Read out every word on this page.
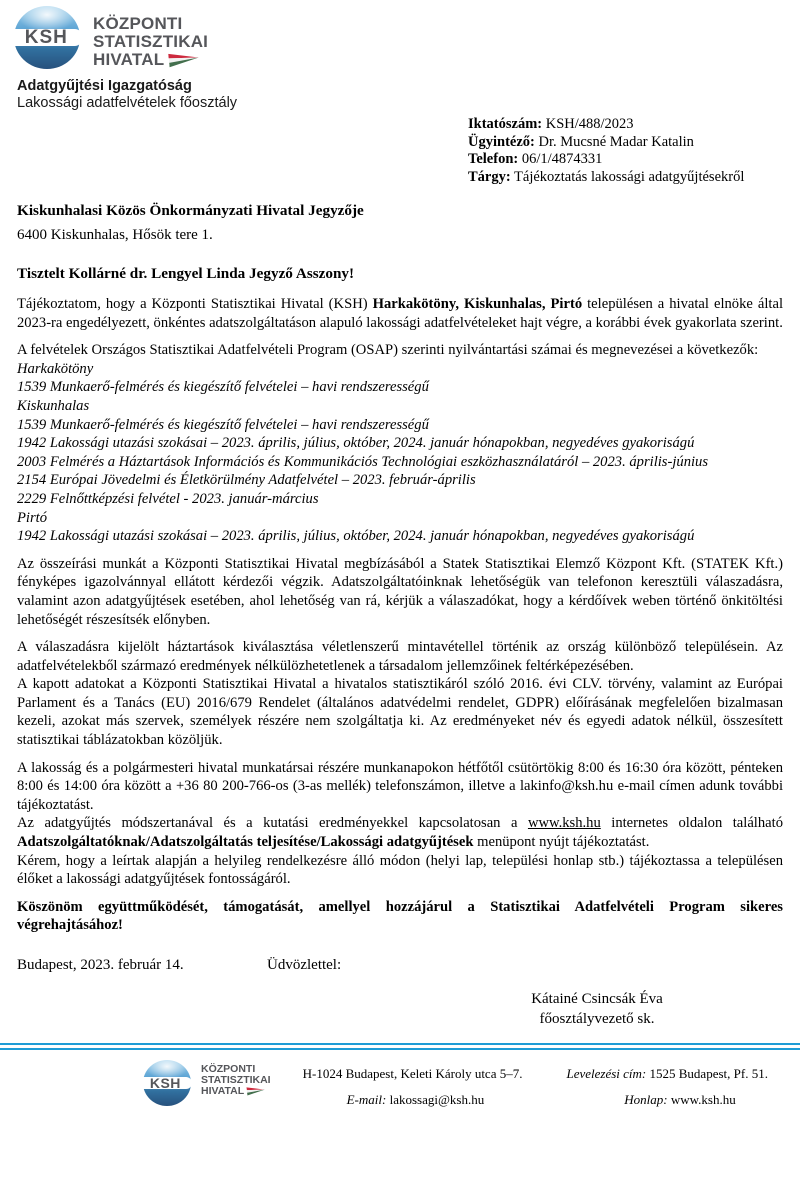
KSH
KÖZPONTI
STATISZTIKAI
HIVATAL
Adatgyűjtési Igazgatóság
Lakossági adatfelvételek főosztály
Iktatószám: KSH/488/2023
Ügyintéző: Dr. Mucsné Madar Katalin
Telefon: 06/1/4874331
Tárgy: Tájékoztatás lakossági adatgyűjtésekről
Kiskunhalasi Közös Önkormányzati Hivatal Jegyzője
6400 Kiskunhalas, Hősök tere 1.
Tisztelt Kollárné dr. Lengyel Linda Jegyző Asszony!
Tájékoztatom, hogy a Központi Statisztikai Hivatal (KSH) Harkakötöny, Kiskunhalas, Pirtó településen a hivatal elnöke által 2023-ra engedélyezett, önkéntes adatszolgáltatáson alapuló lakossági adatfelvételeket hajt végre, a korábbi évek gyakorlata szerint.
A felvételek Országos Statisztikai Adatfelvételi Program (OSAP) szerinti nyilvántartási számai és megnevezései a következők:
Harkakötöny
1539 Munkaerő-felmérés és kiegészítő felvételei – havi rendszerességű
Kiskunhalas
1539 Munkaerő-felmérés és kiegészítő felvételei – havi rendszerességű
1942 Lakossági utazási szokásai – 2023. április, július, október, 2024. január hónapokban, negyedéves gyakoriságú
2003 Felmérés a Háztartások Információs és Kommunikációs Technológiai eszközhasználatáról – 2023. április-június
2154 Európai Jövedelmi és Életkörülmény Adatfelvétel – 2023. február-április
2229 Felnőttképzési felvétel - 2023. január-március
Pirtó
1942 Lakossági utazási szokásai – 2023. április, július, október, 2024. január hónapokban, negyedéves gyakoriságú
Az összeírási munkát a Központi Statisztikai Hivatal megbízásából a Statek Statisztikai Elemző Központ Kft. (STATEK Kft.) fényképes igazolvánnyal ellátott kérdezői végzik. Adatszolgáltatóinknak lehetőségük van telefonon keresztüli válaszadásra, valamint azon adatgyűjtések esetében, ahol lehetőség van rá, kérjük a válaszadókat, hogy a kérdőívek weben történő önkitöltési lehetőségét részesítsék előnyben.
A válaszadásra kijelölt háztartások kiválasztása véletlenszerű mintavétellel történik az ország különböző településein. Az adatfelvételekből származó eredmények nélkülözhetetlenek a társadalom jellemzőinek feltérképezésében.
A kapott adatokat a Központi Statisztikai Hivatal a hivatalos statisztikáról szóló 2016. évi CLV. törvény, valamint az Európai Parlament és a Tanács (EU) 2016/679 Rendelet (általános adatvédelmi rendelet, GDPR) előírásának megfelelően bizalmasan kezeli, azokat más szervek, személyek részére nem szolgáltatja ki. Az eredményeket név és egyedi adatok nélkül, összesített statisztikai táblázatokban közöljük.
A lakosság és a polgármesteri hivatal munkatársai részére munkanapokon hétfőtől csütörtökig 8:00 és 16:30 óra között, pénteken 8:00 és 14:00 óra között a +36 80 200-766-os (3-as mellék) telefonszámon, illetve a lakinfo@ksh.hu e-mail címen adunk további tájékoztatást.
Az adatgyűjtés módszertanával és a kutatási eredményekkel kapcsolatosan a www.ksh.hu internetes oldalon található Adatszolgáltatóknak/Adatszolgáltatás teljesítése/Lakossági adatgyűjtések menüpont nyújt tájékoztatást.
Kérem, hogy a leírtak alapján a helyileg rendelkezésre álló módon (helyi lap, települési honlap stb.) tájékoztassa a településen élőket a lakossági adatgyűjtések fontosságáról.
Köszönöm együttműködését, támogatását, amellyel hozzájárul a Statisztikai Adatfelvételi Program sikeres végrehajtásához!
Budapest, 2023. február 14.	Üdvözlettel:
Kátainé Csincsák Éva
főosztályvezető sk.
KSH
KÖZPONTI
STATISZTIKAI
HIVATAL
H-1024 Budapest, Keleti Károly utca 5–7.	Levelezési cím: 1525 Budapest, Pf. 51.
E-mail: lakossagi@ksh.hu	Honlap: www.ksh.hu
